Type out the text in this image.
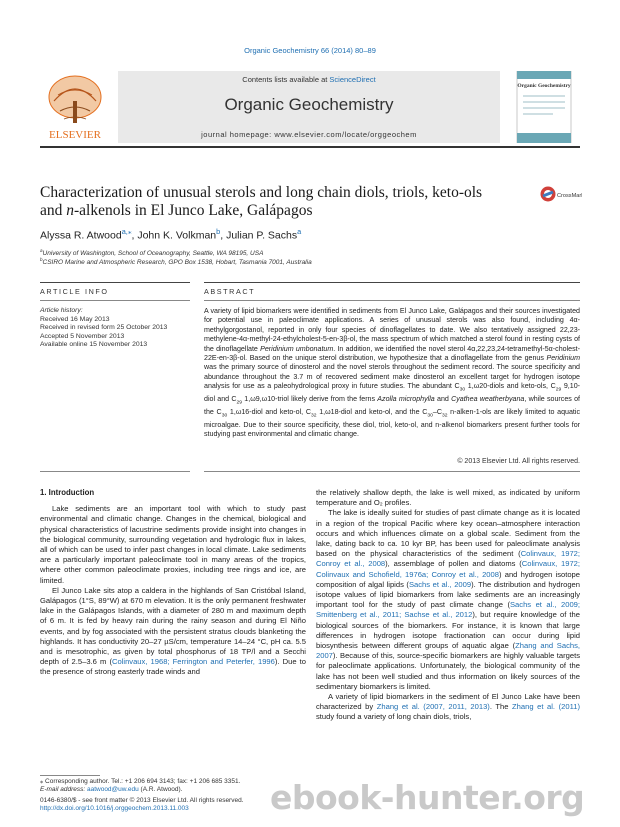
Organic Geochemistry 66 (2014) 80–89
ELSEVIER
Contents lists available at ScienceDirect
Organic Geochemistry
journal homepage: www.elsevier.com/locate/orggeochem
Organic Geochemistry
Characterization of unusual sterols and long chain diols, triols, keto-ols
and n-alkenols in El Junco Lake, Galápagos
CrossMark
Alyssa R. Atwood$^{a,⁎}$, John K. Volkman$^b$, Julian P. Sachs$^a$
$^a$University of Washington, School of Oceanography, Seattle, WA 98195, USA
$^b$CSIRO Marine and Atmospheric Research, GPO Box 1538, Hobart, Tasmania 7001, Australia
ARTICLE INFO	ABSTRACT
Article history:
Received 16 May 2013
Received in revised form 25 October 2013
Accepted 5 November 2013
Available online 15 November 2013
A variety of lipid biomarkers were identified in sediments from El Junco Lake, Galápagos and their sources investigated for potential use in paleoclimate applications. A series of unusual sterols was also found, including 4α-methylgorgostanol, reported in only four species of dinoflagellates to date. We also tentatively assigned 22,23-methylene-4α-methyl-24-ethylcholest-5-en-3β-ol, the mass spectrum of which matched a sterol found in resting cysts of the dinoflagellate Peridinium umbonatum. In addition, we identified the novel sterol 4α,22,23,24-tetramethyl-5α-cholest-22E-en-3β-ol. Based on the unique sterol distribution, we hypothesize that a dinoflagellate from the genus Peridinium was the primary source of dinosterol and the novel sterols throughout the sediment record. The source specificity and abundance throughout the 3.7 m of recovered sediment make dinosterol an excellent target for hydrogen isotope analysis for use as a paleohydrological proxy in future studies. The abundant $C_{30}$ 1,ω20-diols and keto-ols, $C_{29}$ 9,10-diol and $C_{29}$ 1,ω9,ω10-triol likely derive from the ferns Azolla microphylla and Cyathea weatherbyana, while sources of the $C_{30}$ 1,ω16-diol and keto-ol, $C_{32}$ 1,ω18-diol and keto-ol, and the $C_{30}-C_{32}$ n-alken-1-ols are likely limited to aquatic microalgae. Due to their source specificity, these diol, triol, keto-ol, and n-alkenol biomarkers present further tools for studying past environmental and climatic change.
© 2013 Elsevier Ltd. All rights reserved.

1. Introduction

Lake sediments are an important tool with which to study past environmental and climatic change. Changes in the chemical, biological and physical characteristics of lacustrine sediments provide insight into changes in the biological community, surrounding vegetation and hydrologic flux in lakes, all of which can be used to infer past changes in local climate. Lake sediments are a particularly important paleoclimate tool in many areas of the tropics, where other common paleoclimate proxies, including tree rings and ice, are limited.

El Junco Lake sits atop a caldera in the highlands of San Cristóbal Island, Galápagos (1°S, 89°W) at 670 m elevation. It is the only permanent freshwater lake in the Galápagos Islands, with a diameter of 280 m and maximum depth of 6 m. It is fed by heavy rain during the rainy season and during El Niño events, and by fog associated with the persistent stratus clouds blanketing the highlands. It has conductivity 20–27 µS/cm, temperature 14–24 °C, pH ca. 5.5 and is mesotrophic, as given by total phosphorus of 18 TP/l and a Secchi depth of 2.5–3.6 m (Colinvaux, 1968; Ferrington and Peterfer, 1996). Due to the presence of strong easterly trade winds and

the relatively shallow depth, the lake is well mixed, as indicated by uniform temperature and O₂ profiles.

The lake is ideally suited for studies of past climate change as it is located in a region of the tropical Pacific where key ocean–atmosphere interaction occurs and which influences climate on a global scale. Sediment from the lake, dating back to ca. 10 kyr BP, has been used for paleoclimate analysis based on the physical characteristics of the sediment (Colinvaux, 1972; Conroy et al., 2008), assemblage of pollen and diatoms (Colinvaux, 1972; Colinvaux and Schofield, 1976a; Conroy et al., 2008) and hydrogen isotope composition of algal lipids (Sachs et al., 2009). The distribution and hydrogen isotope values of lipid biomarkers from lake sediments are an increasingly important tool for the study of past climate change (Sachs et al., 2009; Smittenberg et al., 2011; Sachse et al., 2012), but require knowledge of the biological sources of the biomarkers. For instance, it is known that large differences in hydrogen isotope fractionation can occur during lipid biosynthesis between different groups of aquatic algae (Zhang and Sachs, 2007). Because of this, source-specific biomarkers are highly valuable targets for paleoclimate applications. Unfortunately, the biological community of the lake has not been well studied and thus information on likely sources of the sedimentary biomarkers is limited.

A variety of lipid biomarkers in the sediment of El Junco Lake have been characterized by Zhang et al. (2007, 2011, 2013). The Zhang et al. (2011) study found a variety of long chain diols, triols,

⁎ Corresponding author. Tel.: +1 206 694 3143; fax: +1 206 685 3351.
E-mail address: aatwood@uw.edu (A.R. Atwood).
0146-6380/$ - see front matter © 2013 Elsevier Ltd. All rights reserved.
http://dx.doi.org/10.1016/j.orggeochem.2013.11.003	ebook-hunter.org
